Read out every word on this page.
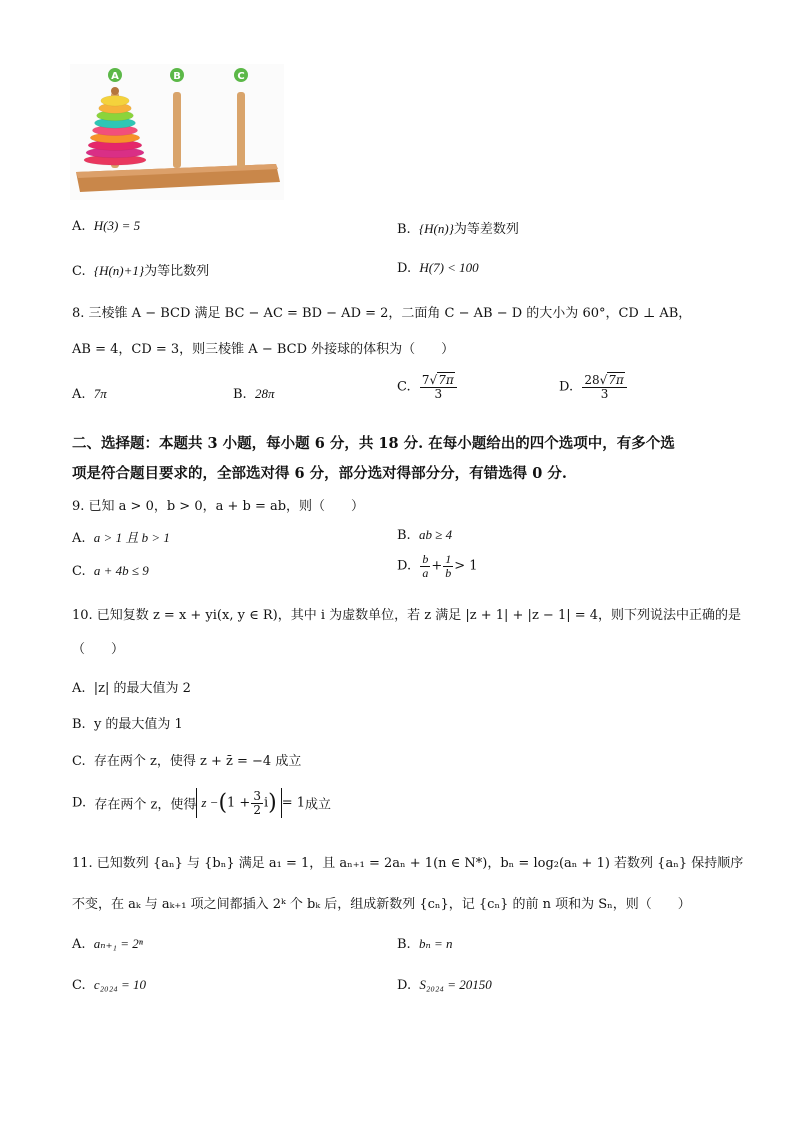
A	B	C
A. H(3) = 5	B. {H(n)}为等差数列
C. {H(n)+1}为等比数列	D. H(7) < 100
8. 三棱锥 A − BCD 满足 BC − AC = BD − AD = 2，二面角 C − AB − D 的大小为 60°，CD ⊥ AB，
AB = 4，CD = 3，则三棱锥 A − BCD 外接球的体积为（　　）
A. 7π	B. 28π	C. $\frac{7√7\pi}{3}$	D. $\frac{28√7\pi}{3}$
二、选择题：本题共 3 小题，每小题 6 分，共 18 分. 在每小题给出的四个选项中，有多个选
项是符合题目要求的，全部选对得 6 分，部分选对得部分分，有错选得 0 分.
9. 已知 a > 0，b > 0，a + b = ab，则（　　）
A. a > 1 且 b > 1	B. ab ≥ 4
C. a + 4b ≤ 9	D. $\frac{b}{a} + \frac{1}{b} > 1$
10. 已知复数 z = x + yi(x, y ∈ R)，其中 i 为虚数单位，若 z 满足 |z + 1| + |z − 1| = 4，则下列说法中正确的是
（　　）
A. |z| 的最大值为 2
B. y 的最大值为 1
C. 存在两个 z，使得 z + z̄ = −4 成立
D. 存在两个 z，使得 $z -(1 + \frac{3}{2} i) = 1$成立
11. 已知数列 {aₙ} 与 {bₙ} 满足 a₁ = 1，且 aₙ₊₁ = 2aₙ + 1(n ∈ N*)，bₙ = log₂(aₙ + 1) 若数列 {aₙ} 保持顺序
不变，在 aₖ 与 aₖ₊₁ 项之间都插入 2ᵏ 个 bₖ 后，组成新数列 {cₙ}，记 {cₙ} 的前 n 项和为 Sₙ，则（　　）
A. aₙ₊₁ = 2ⁿ	B. bₙ = n
C. c₂₀₂₄ = 10	D. S₂₀₂₄ = 20150
